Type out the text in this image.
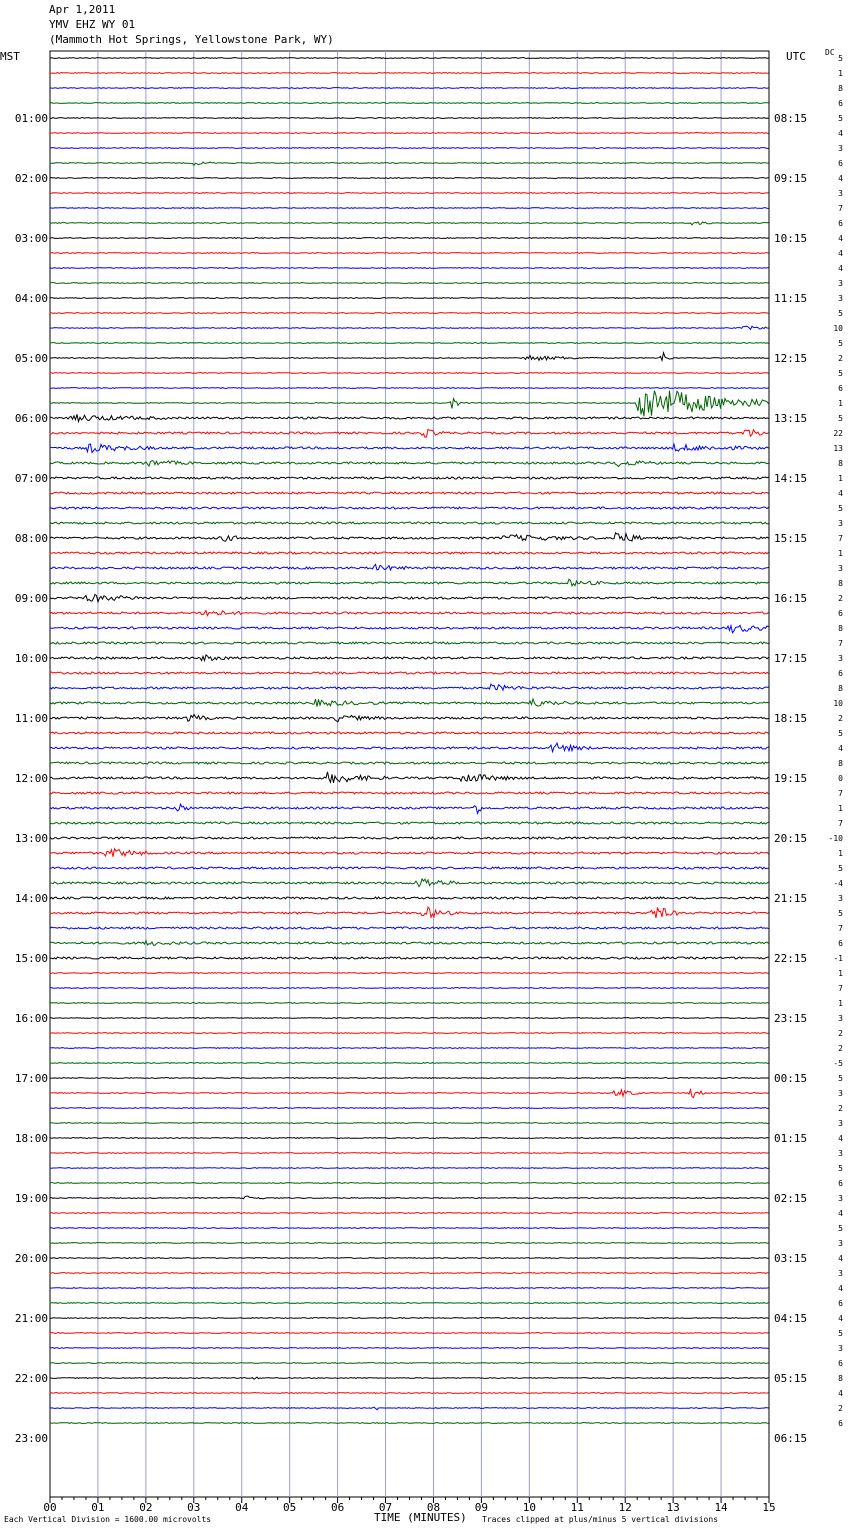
Apr 1,2011
YMV EHZ WY 01
(Mammoth Hot Springs, Yellowstone Park, WY)
MST	UTC DC
00	01	02	03	04	05	06	07	08	09	10	11	12	13	14	15
5
1
8
6
5
4
3
6
4
3
7
6
4
4
4
3
3
5
10
5
2
5
6
1
5
22
13
8
1
4
5
3
7
1
3
8
2
6
8
7
3
6
8
10
2
5
4
8
0
7
1
7
-10
1
5
-4
3
5
7
6
-1
1
7
1
3
2
2
-5
5
3
2
3
4
3
5
6
3
4
5
3
4
3
4
6
4
5
3
6
8
4
2
6
01:00	08:15
02:00	09:15
03:00	10:15
04:00	11:15
05:00	12:15
06:00	13:15
07:00	14:15
08:00	15:15
09:00	16:15
10:00	17:15
11:00	18:15
12:00	19:15
13:00	20:15
14:00	21:15
15:00	22:15
16:00	23:15
17:00	00:15
18:00	01:15
19:00	02:15
20:00	03:15
21:00	04:15
22:00	05:15
23:00	06:15
Each Vertical Division = 1600.00 microvolts	TIME (MINUTES) Traces clipped at plus/minus 5 vertical divisions
